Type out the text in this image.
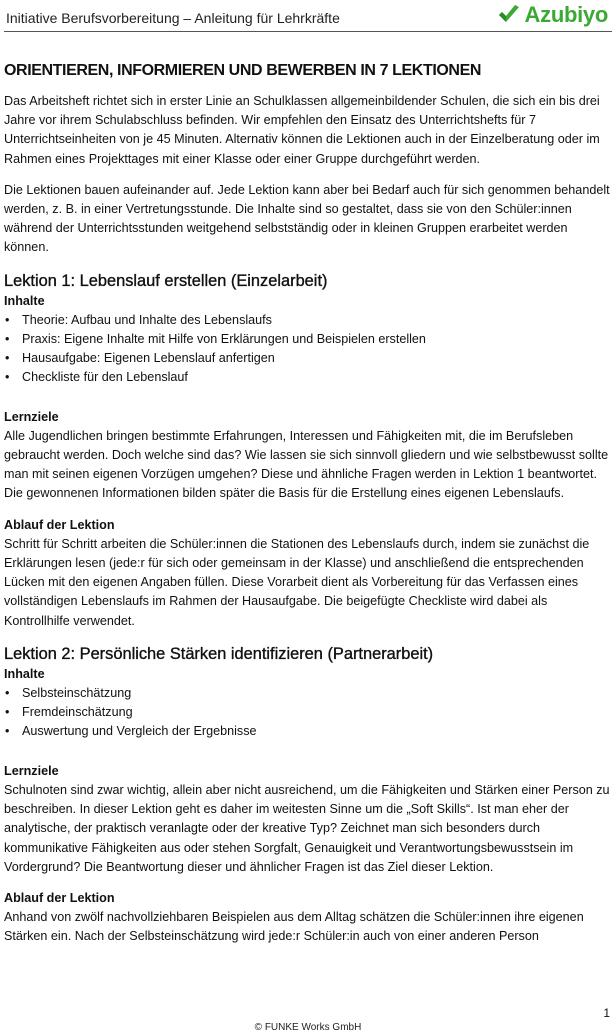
Initiative Berufsvorbereitung – Anleitung für Lehrkräfte	Azubiyo
ORIENTIEREN, INFORMIEREN UND BEWERBEN IN 7 LEKTIONEN

Das Arbeitsheft richtet sich in erster Linie an Schulklassen allgemeinbildender Schulen, die sich ein bis drei Jahre vor ihrem Schulabschluss befinden. Wir empfehlen den Einsatz des Unterrichtshefts für 7 Unterrichtseinheiten von je 45 Minuten. Alternativ können die Lektionen auch in der Einzelberatung oder im Rahmen eines Projekttages mit einer Klasse oder einer Gruppe durchgeführt werden.

Die Lektionen bauen aufeinander auf. Jede Lektion kann aber bei Bedarf auch für sich genommen behandelt werden, z. B. in einer Vertretungsstunde. Die Inhalte sind so gestaltet, dass sie von den Schüler:innen während der Unterrichtsstunden weitgehend selbstständig oder in kleinen Gruppen erarbeitet werden können.

Lektion 1: Lebenslauf erstellen (Einzelarbeit)
Inhalte
• Theorie: Aufbau und Inhalte des Lebenslaufs
• Praxis: Eigene Inhalte mit Hilfe von Erklärungen und Beispielen erstellen
• Hausaufgabe: Eigenen Lebenslauf anfertigen
• Checkliste für den Lebenslauf
Lernziele

Alle Jugendlichen bringen bestimmte Erfahrungen, Interessen und Fähigkeiten mit, die im Berufsleben gebraucht werden. Doch welche sind das? Wie lassen sie sich sinnvoll gliedern und wie selbstbewusst sollte man mit seinen eigenen Vorzügen umgehen? Diese und ähnliche Fragen werden in Lektion 1 beantwortet. Die gewonnenen Informationen bilden später die Basis für die Erstellung eines eigenen Lebenslaufs.

Ablauf der Lektion

Schritt für Schritt arbeiten die Schüler:innen die Stationen des Lebenslaufs durch, indem sie zunächst die Erklärungen lesen (jede:r für sich oder gemeinsam in der Klasse) und anschließend die entsprechenden Lücken mit den eigenen Angaben füllen. Diese Vorarbeit dient als Vorbereitung für das Verfassen eines vollständigen Lebenslaufs im Rahmen der Hausaufgabe. Die beigefügte Checkliste wird dabei als Kontrollhilfe verwendet.

Lektion 2: Persönliche Stärken identifizieren (Partnerarbeit)
Inhalte
• Selbsteinschätzung
• Fremdeinschätzung
• Auswertung und Vergleich der Ergebnisse
Lernziele

Schulnoten sind zwar wichtig, allein aber nicht ausreichend, um die Fähigkeiten und Stärken einer Person zu beschreiben. In dieser Lektion geht es daher im weitesten Sinne um die „Soft Skills“. Ist man eher der analytische, der praktisch veranlagte oder der kreative Typ? Zeichnet man sich besonders durch kommunikative Fähigkeiten aus oder stehen Sorgfalt, Genauigkeit und Verantwortungsbewusstsein im Vordergrund? Die Beantwortung dieser und ähnlicher Fragen ist das Ziel dieser Lektion.

Ablauf der Lektion

Anhand von zwölf nachvollziehbaren Beispielen aus dem Alltag schätzen die Schüler:innen ihre eigenen Stärken ein. Nach der Selbsteinschätzung wird jede:r Schüler:in auch von einer anderen Person

1
© FUNKE Works GmbH
